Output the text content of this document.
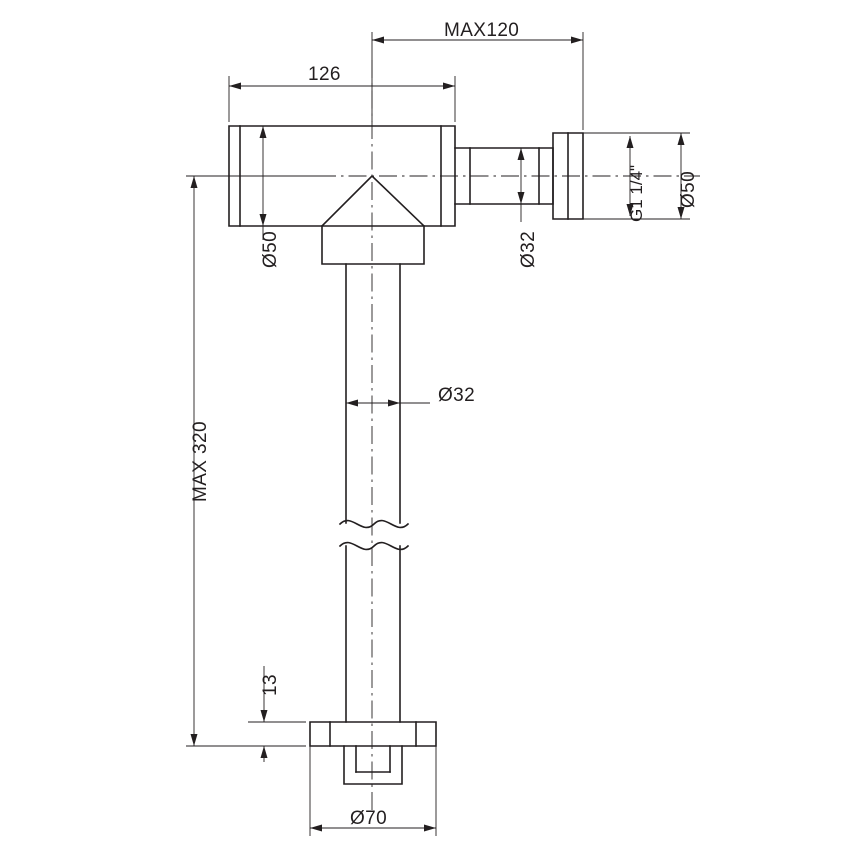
MAX120
126
Ø50	Ø32
G1 1/4" Ø50
Ø32
MAX 320
13
Ø70
